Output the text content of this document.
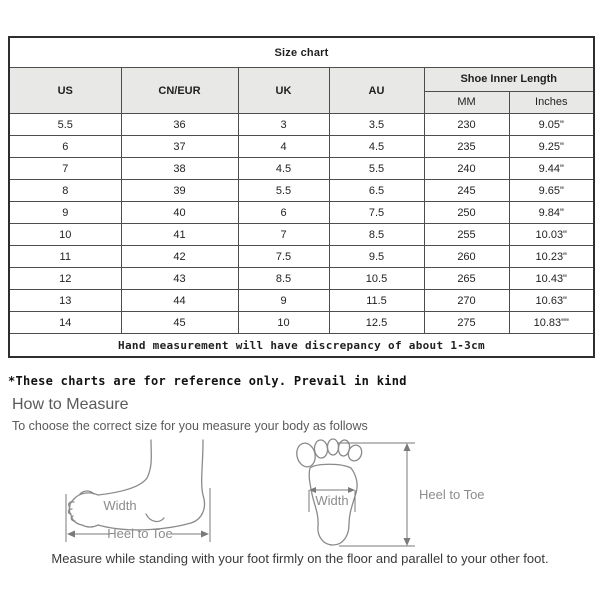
Size chart					
US	CN/EUR	UK	AU	Shoe Inner Length	
				MM	Inches
5.5	36	3	3.5	230	9.05"
6	37	4	4.5	235	9.25"
7	38	4.5	5.5	240	9.44"
8	39	5.5	6.5	245	9.65"
9	40	6	7.5	250	9.84"
10	41	7	8.5	255	10.03"
11	42	7.5	9.5	260	10.23"
12	43	8.5	10.5	265	10.43"
13	44	9	11.5	270	10.63"
14	45	10	12.5	275	10.83""
Hand measurement will have discrepancy of about 1-3cm					
*These charts are for reference only. Prevail in kind
How to Measure
To choose the correct size for you measure your body as follows
Width
Heel to Toe
Width	Heel to Toe
Measure while standing with your foot firmly on the floor and parallel to your other foot.
